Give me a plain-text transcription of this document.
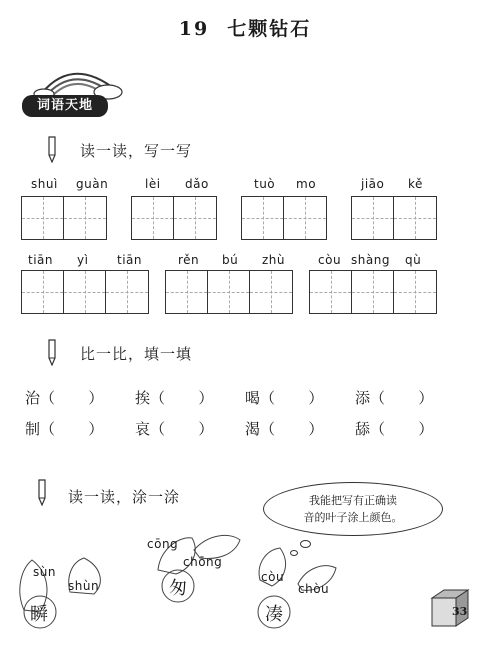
19 七颗钻石
词语天地
读一读，写一写
shuì guàn	lèi dǎo	tuò mo	jiāo kě
tiān yì tiān	rěn bú zhù	còu shàng qù
比一比，填一填
治（       ） 挨（       ） 喝（       ） 添（       ）
制（       ） 哀（       ） 渴（       ） 舔（       ）
读一读，涂一涂	我能把写有正确读
音的叶子涂上颜色。
sùn
shùn
瞬
cōng
chōng
匆
còu
chòu
凑	33
